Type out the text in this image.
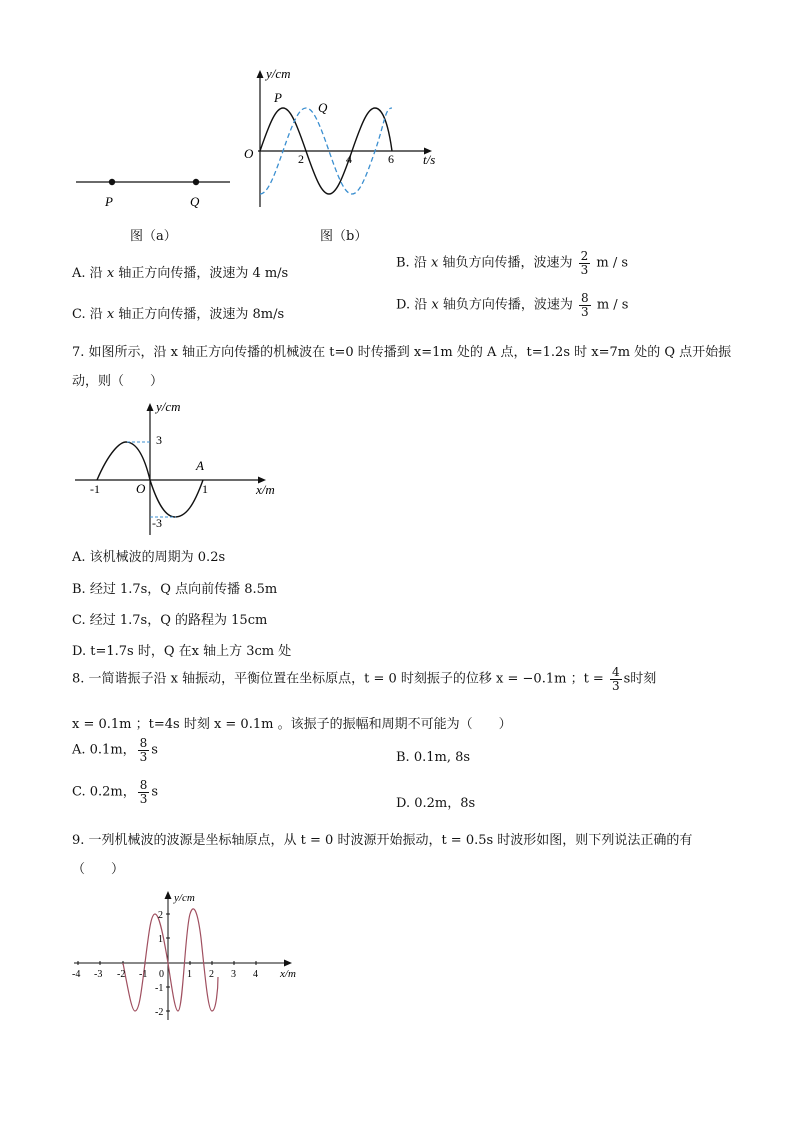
P	Q
图（a）
y/cm
P
Q
O	2	4	6 t/s
图（b）
A. 沿 x 轴正方向传播，波速为 4 m/s
B. 沿 x 轴负方向传播，波速为 $\frac{2}{3}$ m / s
C. 沿 x 轴正方向传播，波速为 8m/s
D. 沿 x 轴负方向传播，波速为 $\frac{8}{3}$ m / s
7. 如图所示，沿 x 轴正方向传播的机械波在 t=0 时传播到 x=1m 处的 A 点，t=1.2s 时 x=7m 处的 Q 点开始振
动，则（　　）
y/cm
3
A
-1	O	1	x/m
-3
A. 该机械波的周期为 0.2s
B. 经过 1.7s，Q 点向前传播 8.5m
C. 经过 1.7s，Q 的路程为 15cm
D. t=1.7s 时，Q 在x 轴上方 3cm 处
8. 一简谐振子沿 x 轴振动，平衡位置在坐标原点，t = 0 时刻振子的位移 x = −0.1m ；$t = \frac{4}{3}$ s时刻
x = 0.1m ；t=4s 时刻 x = 0.1m 。该振子的振幅和周期不可能为（　　）
A. 0.1m， $\frac{8}{3}$ s	B. 0.1m, 8s
C. 0.2m， $\frac{8}{3}$ s
D. 0.2m，8s
9. 一列机械波的波源是坐标轴原点，从 t = 0 时波源开始振动，t = 0.5s 时波形如图，则下列说法正确的有
（　　）
y/cm
2
1
-1
-2
-4 -3 -2 -1 0 1 2 3 4 x/m
